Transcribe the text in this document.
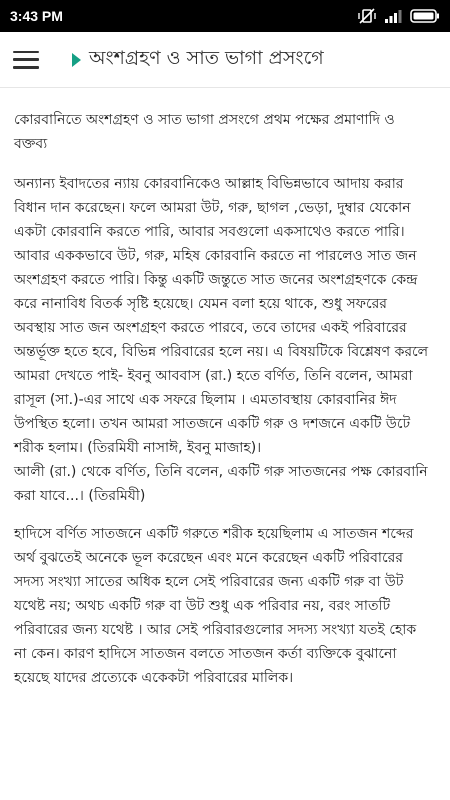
3:43 PM
অংশগ্রহণ ও সাত ভাগা প্রসংগে

কোরবানিতে অংশগ্রহণ ও সাত ভাগা প্রসংগে প্রথম পক্ষের প্রমাণাদি ও বক্তব্য

অন্যান্য ইবাদতের ন্যায় কোরবানিকেও আল্লাহ বিভিন্নভাবে আদায় করার বিধান দান করেছেন। ফলে আমরা উট, গরু, ছাগল ,ভেড়া, দুম্বার যেকোন একটা কোরবানি করতে পারি, আবার সবগুলো একসাথেও করতে পারি। আবার এককভাবে উট, গরু, মহিষ কোরবানি করতে না পারলেও সাত জন অংশগ্রহণ করতে পারি। কিন্তু একটি জন্তুতে সাত জনের অংশগ্রহণকে কেন্দ্র করে নানাবিধ বিতর্ক সৃষ্টি হয়েছে। যেমন বলা হয়ে থাকে, শুধু সফরের অবস্থায় সাত জন অংশগ্রহণ করতে পারবে, তবে তাদের একই পরিবারের অন্তর্ভূক্ত হতে হবে, বিভিন্ন পরিবারের হলে নয়। এ বিষয়টিকে বিশ্লেষণ করলে আমরা দেখতে পাই- ইবনু আববাস (রা.) হতে বর্ণিত, তিনি বলেন, আমরা রাসূল (সা.)-এর সাথে এক সফরে ছিলাম । এমতাবস্থায় কোরবানির ঈদ উপস্থিত হলো। তখন আমরা সাতজনে একটি গরু ও দশজনে একটি উটে শরীক হলাম। (তিরমিযী নাসাঈ, ইবনু মাজাহ)।
আলী (রা.) থেকে বর্ণিত, তিনি বলেন, একটি গরু সাতজনের পক্ষ কোরবানি করা যাবে...। (তিরমিযী)

হাদিসে বর্ণিত সাতজনে একটি গরুতে শরীক হয়েছিলাম এ সাতজন শব্দের অর্থ বুঝতেই অনেকে ভূল করেছেন এবং মনে করেছেন একটি পরিবারের সদস্য সংখ্যা সাতের অধিক হলে সেই পরিবারের জন্য একটি গরু বা উট যথেষ্ট নয়; অথচ একটি গরু বা উট শুধু এক পরিবার নয়, বরং সাতটি পরিবারের জন্য যথেষ্ট । আর সেই পরিবারগুলোর সদস্য সংখ্যা যতই হোক না কেন। কারণ হাদিসে সাতজন বলতে সাতজন কর্তা ব্যক্তিকে বুঝানো হয়েছে যাদের প্রত্যেকে একেকটা পরিবারের মালিক।
